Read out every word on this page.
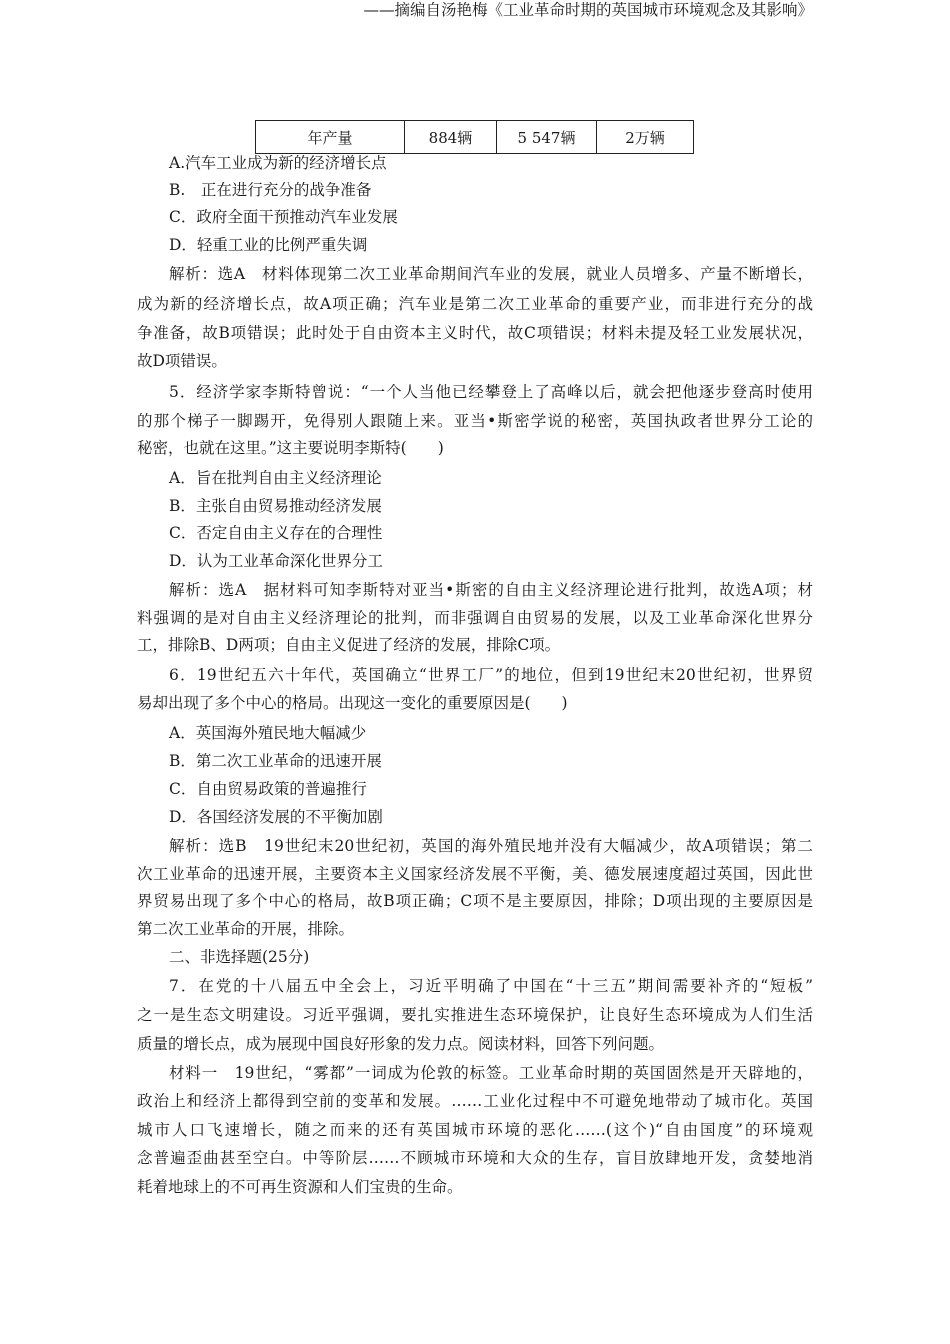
年产量	884辆	5 547辆	2万辆
A.汽车工业成为新的经济增长点
B.　正在进行充分的战争准备
C．政府全面干预推动汽车业发展
D．轻重工业的比例严重失调
解析：选A　材料体现第二次工业革命期间汽车业的发展，就业人员增多、产量不断增长，
成为新的经济增长点，故A项正确；汽车业是第二次工业革命的重要产业，而非进行充分的战
争准备，故B项错误；此时处于自由资本主义时代，故C项错误；材料未提及轻工业发展状况，
故D项错误。
5．经济学家李斯特曾说：“一个人当他已经攀登上了高峰以后，就会把他逐步登高时使用
的那个梯子一脚踢开，免得别人跟随上来。亚当•斯密学说的秘密，英国执政者世界分工论的
秘密，也就在这里。”这主要说明李斯特(　　)
A．旨在批判自由主义经济理论
B．主张自由贸易推动经济发展
C．否定自由主义存在的合理性
D．认为工业革命深化世界分工
解析：选A　据材料可知李斯特对亚当•斯密的自由主义经济理论进行批判，故选A项；材
料强调的是对自由主义经济理论的批判，而非强调自由贸易的发展，以及工业革命深化世界分
工，排除B、D两项；自由主义促进了经济的发展，排除C项。
6．19世纪五六十年代，英国确立“世界工厂”的地位，但到19世纪末20世纪初，世界贸
易却出现了多个中心的格局。出现这一变化的重要原因是(　　)
A．英国海外殖民地大幅减少
B．第二次工业革命的迅速开展
C．自由贸易政策的普遍推行
D．各国经济发展的不平衡加剧
解析：选B　19世纪末20世纪初，英国的海外殖民地并没有大幅减少，故A项错误；第二
次工业革命的迅速开展，主要资本主义国家经济发展不平衡，美、德发展速度超过英国，因此世
界贸易出现了多个中心的格局，故B项正确；C项不是主要原因，排除；D项出现的主要原因是
第二次工业革命的开展，排除。
二、非选择题(25分)
7．在党的十八届五中全会上，习近平明确了中国在“十三五”期间需要补齐的“短板”
之一是生态文明建设。习近平强调，要扎实推进生态环境保护，让良好生态环境成为人们生活
质量的增长点，成为展现中国良好形象的发力点。阅读材料，回答下列问题。
材料一　19世纪，“雾都”一词成为伦敦的标签。工业革命时期的英国固然是开天辟地的，
政治上和经济上都得到空前的变革和发展。……工业化过程中不可避免地带动了城市化。英国
城市人口飞速增长，随之而来的还有英国城市环境的恶化……(这个)“自由国度”的环境观
念普遍歪曲甚至空白。中等阶层……不顾城市环境和大众的生存，盲目放肆地开发，贪婪地消
耗着地球上的不可再生资源和人们宝贵的生命。
——摘编自汤艳梅《工业革命时期的英国城市环境观念及其影响》
